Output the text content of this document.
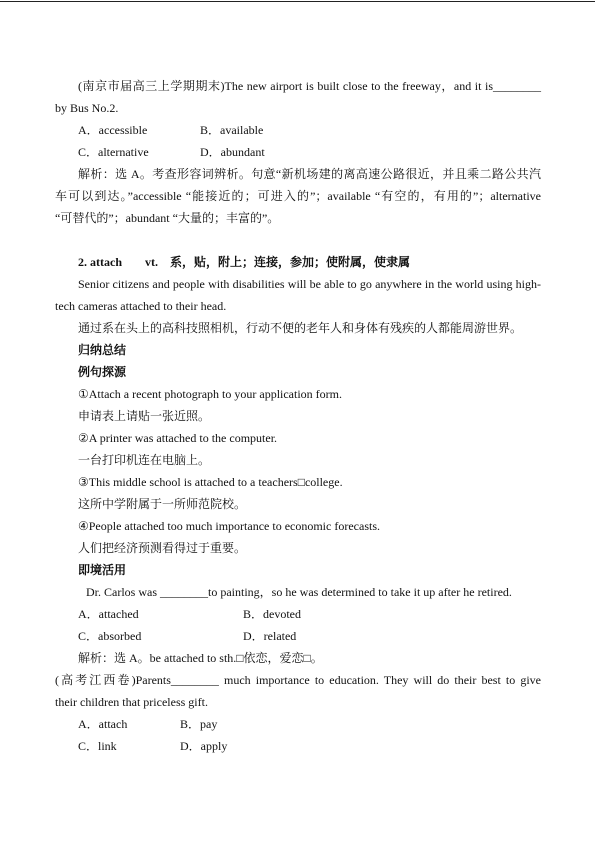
(南京市届高三上学期期末)The new airport is built close to the freeway，and it is________
by Bus No.2.
A．accessible	B．available
C．alternative	D．abundant
解析：选 A。考查形容词辨析。句意“新机场建的离高速公路很近，并且乘二路公共汽
车可以到达。”accessible “能接近的；可进入的”；available “有空的，有用的”；alternative
“可替代的”；abundant “大量的；丰富的”。
2. attach vt. 系，贴，附上；连接，参加；使附属，使隶属
Senior citizens and people with disabilities will be able to go anywhere in the world using high-
tech cameras attached to their head.
通过系在头上的高科技照相机，行动不便的老年人和身体有残疾的人都能周游世界。
归纳总结
例句探源
①Attach a recent photograph to your application form.
申请表上请贴一张近照。
②A printer was attached to the computer.
一台打印机连在电脑上。
③This middle school is attached to a teachers□college.
这所中学附属于一所师范院校。
④People attached too much importance to economic forecasts.
人们把经济预测看得过于重要。
即境活用
Dr. Carlos was ________to painting，so he was determined to take it up after he retired.
A．attached	B．devoted
C．absorbed	D．related
解析：选 A。be attached to sth.□依恋，爱恋□。
(高考江西卷)Parents________ much importance to education. They will do their best to give
their children that priceless gift.
A．attach	B．pay
C．link	D．apply
